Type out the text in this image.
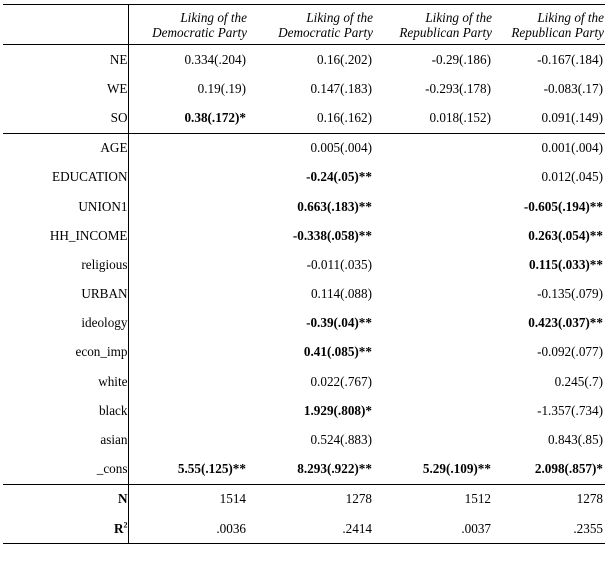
	Liking of the
Democratic Party	Liking of the
Democratic Party	Liking of the
Republican Party	Liking of the
Republican Party

NE	0.334(.204)	0.16(.202)	-0.29(.186)	-0.167(.184)
WE	0.19(.19)	0.147(.183)	-0.293(.178)	-0.083(.17)
SO	0.38(.172)*	0.16(.162)	0.018(.152)	0.091(.149)
AGE		0.005(.004)		0.001(.004)
EDUCATION		-0.24(.05)**		0.012(.045)
UNION1		0.663(.183)**		-0.605(.194)**
HH_INCOME		-0.338(.058)**		0.263(.054)**
religious		-0.011(.035)		0.115(.033)**
URBAN		0.114(.088)		-0.135(.079)
ideology		-0.39(.04)**		0.423(.037)**
econ_imp		0.41(.085)**		-0.092(.077)
white		0.022(.767)		0.245(.7)
black		1.929(.808)*		-1.357(.734)
asian		0.524(.883)		0.843(.85)
_cons	5.55(.125)**	8.293(.922)**	5.29(.109)**	2.098(.857)*
N	1514	1278	1512	1278
$R^2$	.0036	.2414	.0037	.2355
